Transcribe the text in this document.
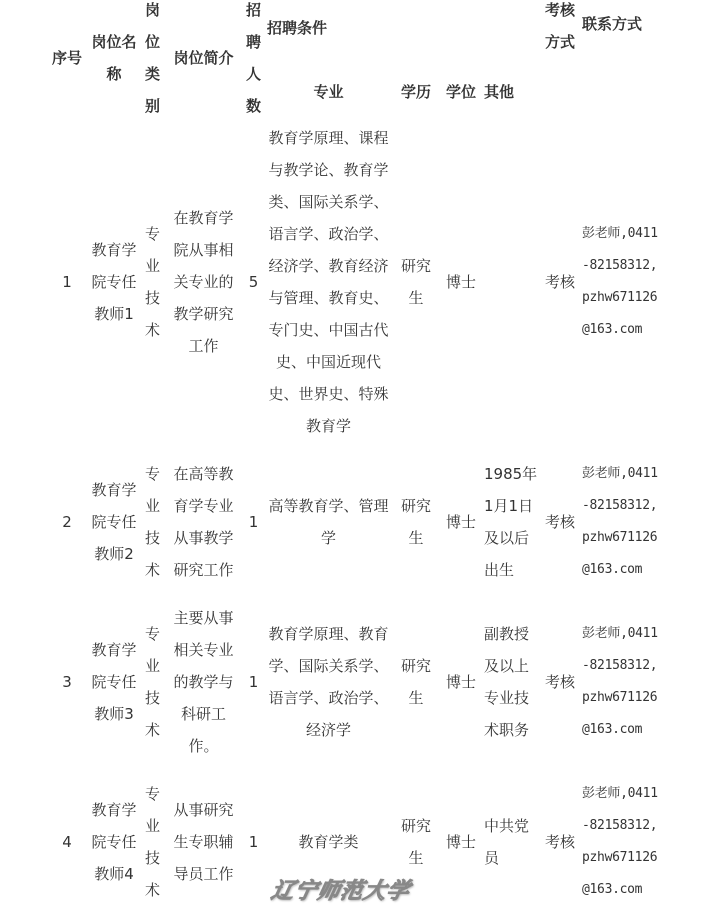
序号	岗位名称	岗位类别	岗位简介	招聘人数	招聘条件				考核方式	联系方式
					专业	学历	学位	其他		
1	教育学院专任教师1	专业技术	在教育学院从事相关专业的教学研究工作	5	教育学原理、课程与教学论、教育学类、国际关系学、语言学、政治学、经济学、教育经济与管理、教育史、专门史、中国古代史、中国近现代史、世界史、特殊教育学	研究生	博士		考核	彭老师,0411-82158312,pzhw671126@163.com
2	教育学院专任教师2	专业技术	在高等教育学专业从事教学研究工作	1	高等教育学、管理学	研究生	博士	1985年1月1日及以后出生	考核	彭老师,0411-82158312,pzhw671126@163.com
3	教育学院专任教师3	专业技术	主要从事相关专业的教学与科研工作。	1	教育学原理、教育学、国际关系学、语言学、政治学、经济学	研究生	博士	副教授及以上专业技术职务	考核	彭老师,0411-82158312,pzhw671126@163.com
4	教育学院专任教师4	专业技术	从事研究生专职辅导员工作	1	教育学类	研究生	博士	中共党员	考核	彭老师,0411-82158312,pzhw671126@163.com
辽宁师范大学
